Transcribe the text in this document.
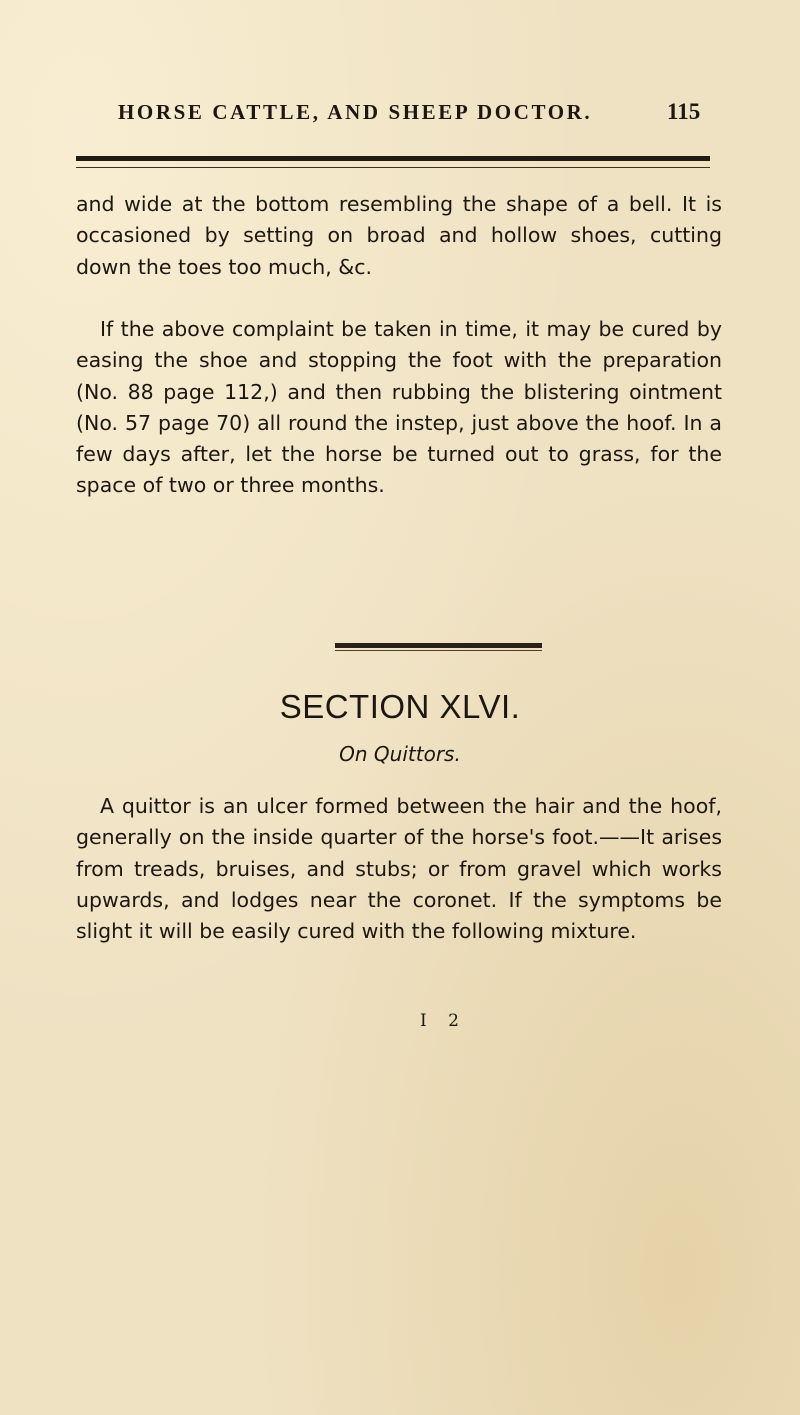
HORSE CATTLE, AND SHEEP DOCTOR.	115

and wide at the bottom resembling the shape of a bell. It is occasioned by setting on broad and hollow shoes, cutting down the toes too much, &c.

If the above complaint be taken in time, it may be cured by easing the shoe and stopping the foot with the preparation (No. 88 page 112,) and then rubbing the blistering ointment (No. 57 page 70) all round the instep, just above the hoof. In a few days after, let the horse be turned out to grass, for the space of two or three months.

SECTION XLVI.

On Quittors.

A quittor is an ulcer formed between the hair and the hoof, generally on the inside quarter of the horse's foot.——It arises from treads, bruises, and stubs; or from gravel which works upwards, and lodges near the coronet. If the symptoms be slight it will be easily cured with the following mixture.

I 2
